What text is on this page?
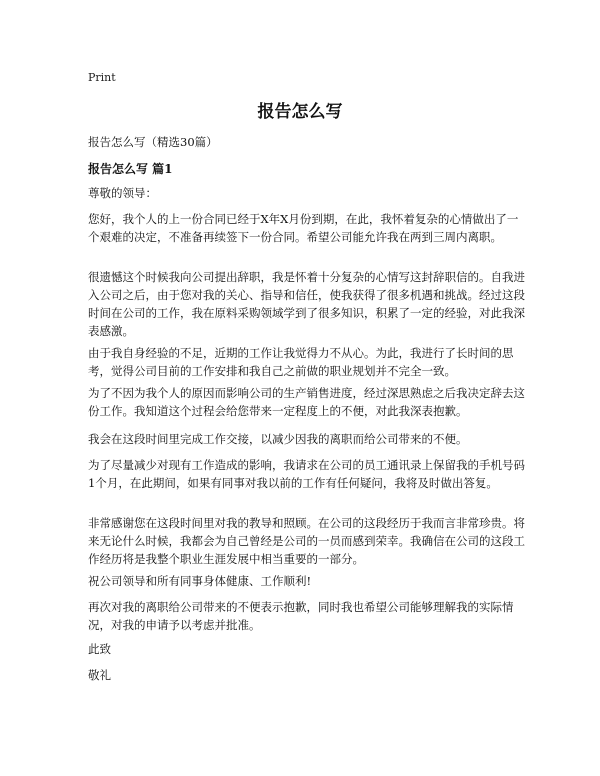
Print
报告怎么写
报告怎么写（精选30篇）
报告怎么写 篇1

尊敬的领导：

您好，我个人的上一份合同已经于X年X月份到期，在此，我怀着复杂的心情做出了一个艰难的决定，不准备再续签下一份合同。希望公司能允许我在两到三周内离职。

很遗憾这个时候我向公司提出辞职，我是怀着十分复杂的心情写这封辞职信的。自我进入公司之后，由于您对我的关心、指导和信任，使我获得了很多机遇和挑战。经过这段时间在公司的工作，我在原料采购领域学到了很多知识，积累了一定的经验，对此我深表感激。

由于我自身经验的不足，近期的工作让我觉得力不从心。为此，我进行了长时间的思考，觉得公司目前的工作安排和我自己之前做的职业规划并不完全一致。

为了不因为我个人的原因而影响公司的生产销售进度，经过深思熟虑之后我决定辞去这份工作。我知道这个过程会给您带来一定程度上的不便，对此我深表抱歉。

我会在这段时间里完成工作交接，以减少因我的离职而给公司带来的不便。

为了尽量减少对现有工作造成的影响，我请求在公司的员工通讯录上保留我的手机号码1个月，在此期间，如果有同事对我以前的工作有任何疑问，我将及时做出答复。

非常感谢您在这段时间里对我的教导和照顾。在公司的这段经历于我而言非常珍贵。将来无论什么时候，我都会为自己曾经是公司的一员而感到荣幸。我确信在公司的这段工作经历将是我整个职业生涯发展中相当重要的一部分。

祝公司领导和所有同事身体健康、工作顺利!

再次对我的离职给公司带来的不便表示抱歉，同时我也希望公司能够理解我的实际情况，对我的申请予以考虑并批准。

此致

敬礼
